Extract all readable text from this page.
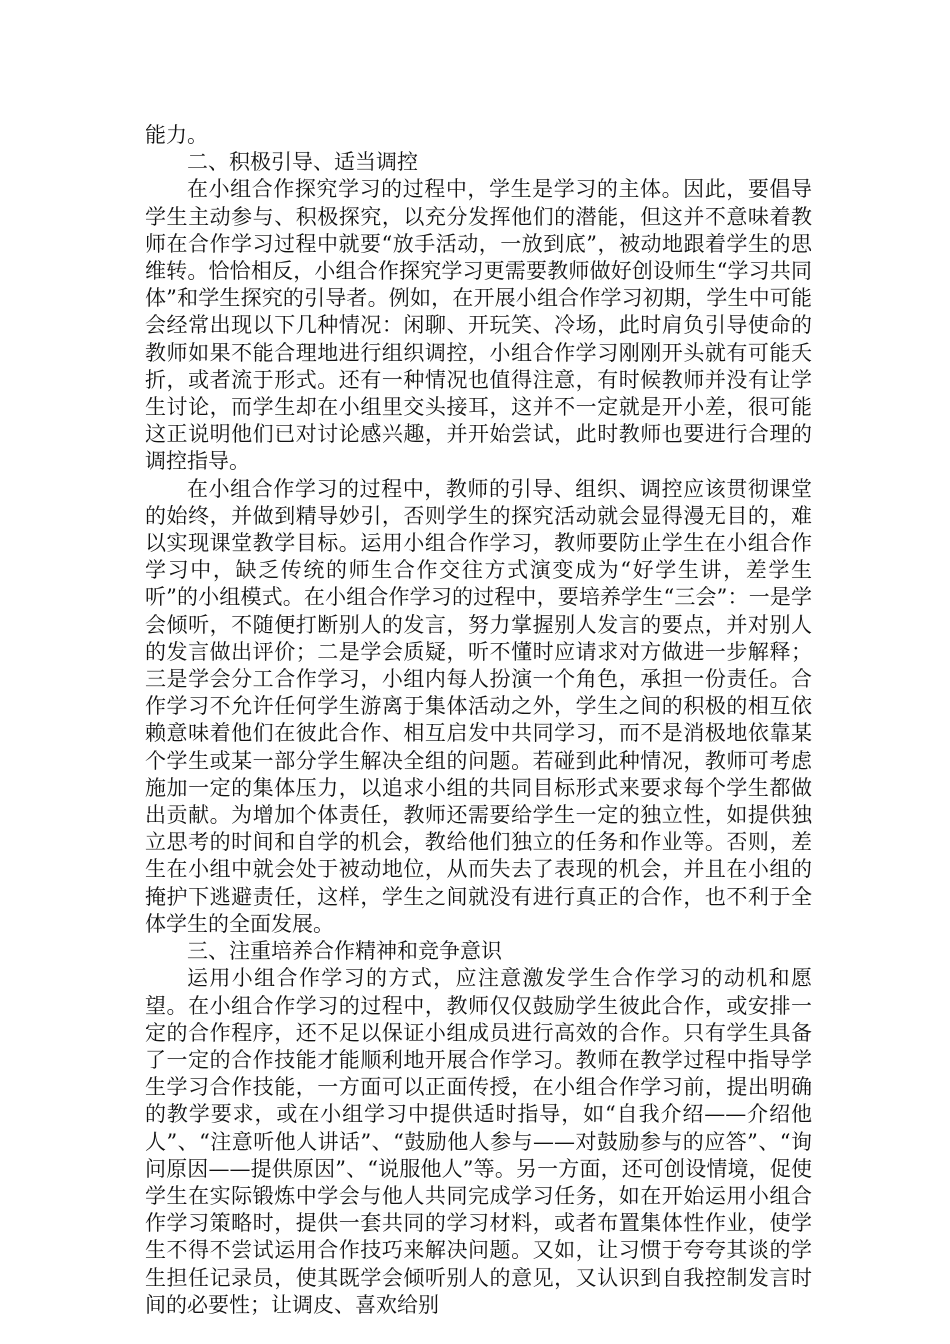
能力。

二、积极引导、适当调控

在小组合作探究学习的过程中，学生是学习的主体。因此，要倡导学生主动参与、积极探究，以充分发挥他们的潜能，但这并不意味着教师在合作学习过程中就要“放手活动，一放到底”，被动地跟着学生的思维转。恰恰相反，小组合作探究学习更需要教师做好创设师生“学习共同体”和学生探究的引导者。例如，在开展小组合作学习初期，学生中可能会经常出现以下几种情况：闲聊、开玩笑、冷场，此时肩负引导使命的教师如果不能合理地进行组织调控，小组合作学习刚刚开头就有可能夭折，或者流于形式。还有一种情况也值得注意，有时候教师并没有让学生讨论，而学生却在小组里交头接耳，这并不一定就是开小差，很可能这正说明他们已对讨论感兴趣，并开始尝试，此时教师也要进行合理的调控指导。

在小组合作学习的过程中，教师的引导、组织、调控应该贯彻课堂的始终，并做到精导妙引，否则学生的探究活动就会显得漫无目的，难以实现课堂教学目标。运用小组合作学习，教师要防止学生在小组合作学习中，缺乏传统的师生合作交往方式演变成为“好学生讲，差学生听”的小组模式。在小组合作学习的过程中，要培养学生“三会”：一是学会倾听，不随便打断别人的发言，努力掌握别人发言的要点，并对别人的发言做出评价；二是学会质疑，听不懂时应请求对方做进一步解释；三是学会分工合作学习，小组内每人扮演一个角色，承担一份责任。合作学习不允许任何学生游离于集体活动之外，学生之间的积极的相互依赖意味着他们在彼此合作、相互启发中共同学习，而不是消极地依靠某个学生或某一部分学生解决全组的问题。若碰到此种情况，教师可考虑施加一定的集体压力，以追求小组的共同目标形式来要求每个学生都做出贡献。为增加个体责任，教师还需要给学生一定的独立性，如提供独立思考的时间和自学的机会，教给他们独立的任务和作业等。否则，差生在小组中就会处于被动地位，从而失去了表现的机会，并且在小组的掩护下逃避责任，这样，学生之间就没有进行真正的合作，也不利于全体学生的全面发展。

三、注重培养合作精神和竞争意识

运用小组合作学习的方式，应注意激发学生合作学习的动机和愿望。在小组合作学习的过程中，教师仅仅鼓励学生彼此合作，或安排一定的合作程序，还不足以保证小组成员进行高效的合作。只有学生具备了一定的合作技能才能顺利地开展合作学习。教师在教学过程中指导学生学习合作技能，一方面可以正面传授，在小组合作学习前，提出明确的教学要求，或在小组学习中提供适时指导，如“自我介绍——介绍他人”、“注意听他人讲话”、“鼓励他人参与——对鼓励参与的应答”、“询问原因——提供原因”、“说服他人”等。另一方面，还可创设情境，促使学生在实际锻炼中学会与他人共同完成学习任务，如在开始运用小组合作学习策略时，提供一套共同的学习材料，或者布置集体性作业，使学生不得不尝试运用合作技巧来解决问题。又如，让习惯于夸夸其谈的学生担任记录员，使其既学会倾听别人的意见，又认识到自我控制发言时间的必要性；让调皮、喜欢给别
